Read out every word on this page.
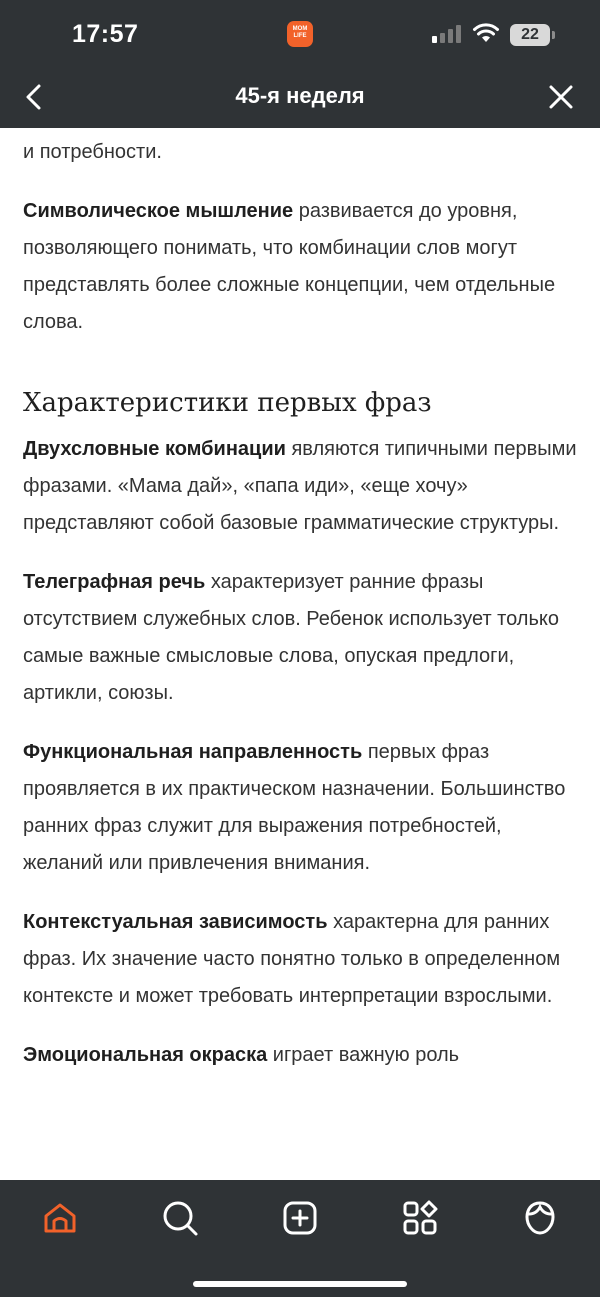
17:57	MOM
LIFE	22
45-я неделя

и потребности.

Символическое мышление развивается до уровня, позволяющего понимать, что комбинации слов могут представлять более сложные концепции, чем отдельные слова.

Характеристики первых фраз

Двухсловные комбинации являются типичными первыми фразами. «Мама дай», «папа иди», «еще хочу» представляют собой базовые грамматические структуры.

Телеграфная речь характеризует ранние фразы отсутствием служебных слов. Ребенок использует только самые важные смысловые слова, опуская предлоги, артикли, союзы.

Функциональная направленность первых фраз проявляется в их практическом назначении. Большинство ранних фраз служит для выражения потребностей, желаний или привлечения внимания.

Контекстуальная зависимость характерна для ранних фраз. Их значение часто понятно только в определенном контексте и может требовать интерпретации взрослыми.

Эмоциональная окраска играет важную роль
